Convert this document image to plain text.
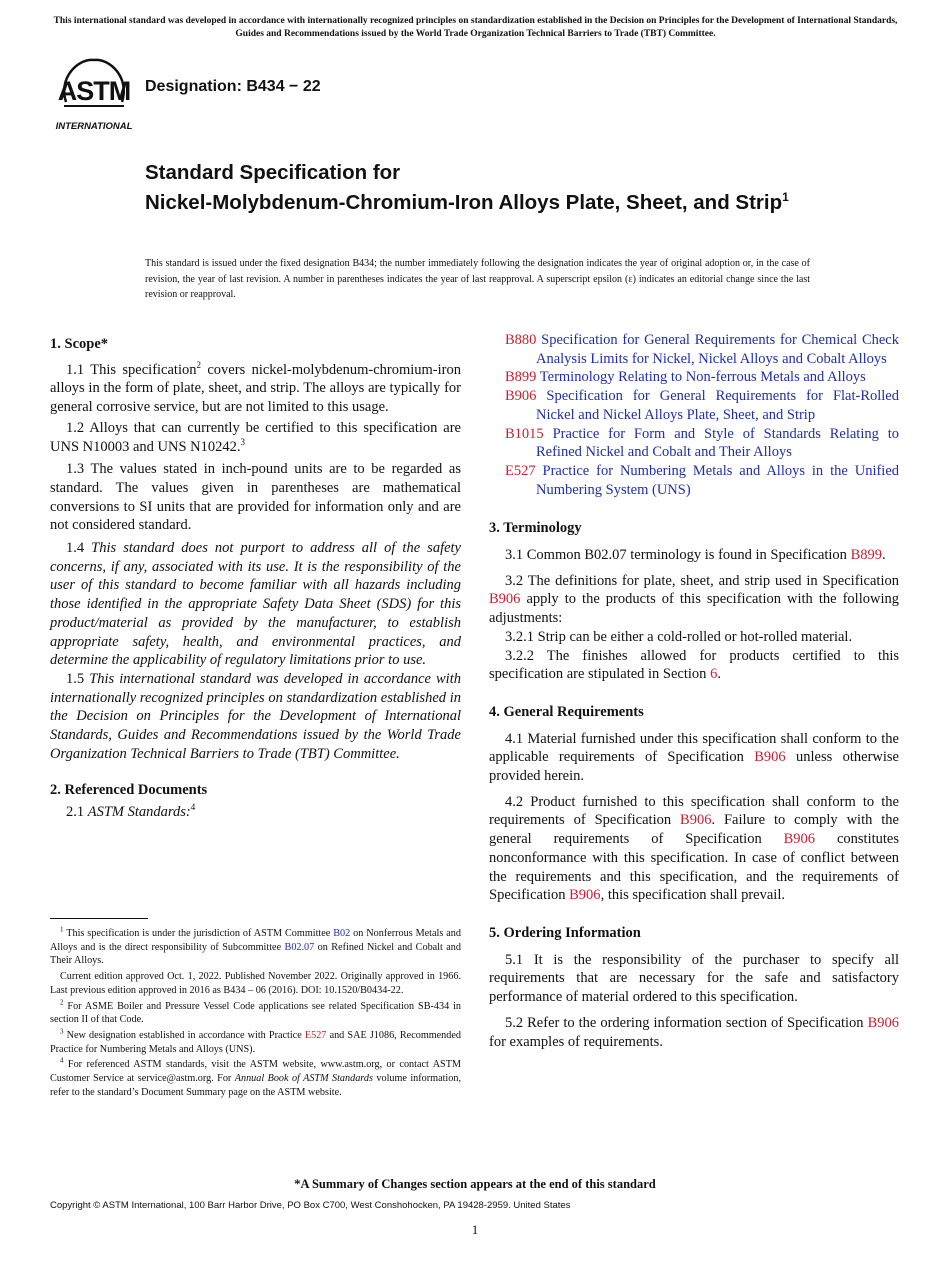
This international standard was developed in accordance with internationally recognized principles on standardization established in the Decision on Principles for the Development of International Standards, Guides and Recommendations issued by the World Trade Organization Technical Barriers to Trade (TBT) Committee.
ASTM
INTERNATIONAL
Designation: B434 − 22
Standard Specification for
Nickel-Molybdenum-Chromium-Iron Alloys Plate, Sheet, and Strip$^1$
This standard is issued under the fixed designation B434; the number immediately following the designation indicates the year of original adoption or, in the case of revision, the year of last revision. A number in parentheses indicates the year of last reapproval. A superscript epsilon (ε) indicates an editorial change since the last revision or reapproval.
1. Scope*

1.1 This specification$^2$ covers nickel-molybdenum-chromium-iron alloys in the form of plate, sheet, and strip. The alloys are typically for general corrosive service, but are not limited to this usage.

1.2 Alloys that can currently be certified to this specification are UNS N10003 and UNS N10242.$^3$

1.3 The values stated in inch-pound units are to be regarded as standard. The values given in parentheses are mathematical conversions to SI units that are provided for information only and are not considered standard.

1.4 This standard does not purport to address all of the safety concerns, if any, associated with its use. It is the responsibility of the user of this standard to become familiar with all hazards including those identified in the appropriate Safety Data Sheet (SDS) for this product/material as provided by the manufacturer, to establish appropriate safety, health, and environmental practices, and determine the applicability of regulatory limitations prior to use.

1.5 This international standard was developed in accordance with internationally recognized principles on standardization established in the Decision on Principles for the Development of International Standards, Guides and Recommendations issued by the World Trade Organization Technical Barriers to Trade (TBT) Committee.

2. Referenced Documents

2.1 ASTM Standards:$^4$

B880 Specification for General Requirements for Chemical Check Analysis Limits for Nickel, Nickel Alloys and Cobalt Alloys

B899 Terminology Relating to Non-ferrous Metals and Alloys

B906 Specification for General Requirements for Flat-Rolled Nickel and Nickel Alloys Plate, Sheet, and Strip

B1015 Practice for Form and Style of Standards Relating to Refined Nickel and Cobalt and Their Alloys

E527 Practice for Numbering Metals and Alloys in the Unified Numbering System (UNS)

3. Terminology

3.1 Common B02.07 terminology is found in Specification B899.

3.2 The definitions for plate, sheet, and strip used in Specification B906 apply to the products of this specification with the following adjustments:

3.2.1 Strip can be either a cold-rolled or hot-rolled material.

3.2.2 The finishes allowed for products certified to this specification are stipulated in Section 6.

4. General Requirements

4.1 Material furnished under this specification shall conform to the applicable requirements of Specification B906 unless otherwise provided herein.

4.2 Product furnished to this specification shall conform to the requirements of Specification B906. Failure to comply with the general requirements of Specification B906 constitutes nonconformance with this specification. In case of conflict between the requirements and this specification, and the requirements of Specification B906, this specification shall prevail.

5. Ordering Information

5.1 It is the responsibility of the purchaser to specify all requirements that are necessary for the safe and satisfactory performance of material ordered to this specification.

5.2 Refer to the ordering information section of Specification B906 for examples of requirements.

$^1$ This specification is under the jurisdiction of ASTM Committee B02 on Nonferrous Metals and Alloys and is the direct responsibility of Subcommittee B02.07 on Refined Nickel and Cobalt and Their Alloys.

Current edition approved Oct. 1, 2022. Published November 2022. Originally approved in 1966. Last previous edition approved in 2016 as B434 – 06 (2016). DOI: 10.1520/B0434-22.

$^2$ For ASME Boiler and Pressure Vessel Code applications see related Specification SB-434 in section II of that Code.

$^3$ New designation established in accordance with Practice E527 and SAE J1086, Recommended Practice for Numbering Metals and Alloys (UNS).

$^4$ For referenced ASTM standards, visit the ASTM website, www.astm.org, or contact ASTM Customer Service at service@astm.org. For Annual Book of ASTM Standards volume information, refer to the standard’s Document Summary page on the ASTM website.

*A Summary of Changes section appears at the end of this standard
Copyright © ASTM International, 100 Barr Harbor Drive, PO Box C700, West Conshohocken, PA 19428-2959. United States
1
